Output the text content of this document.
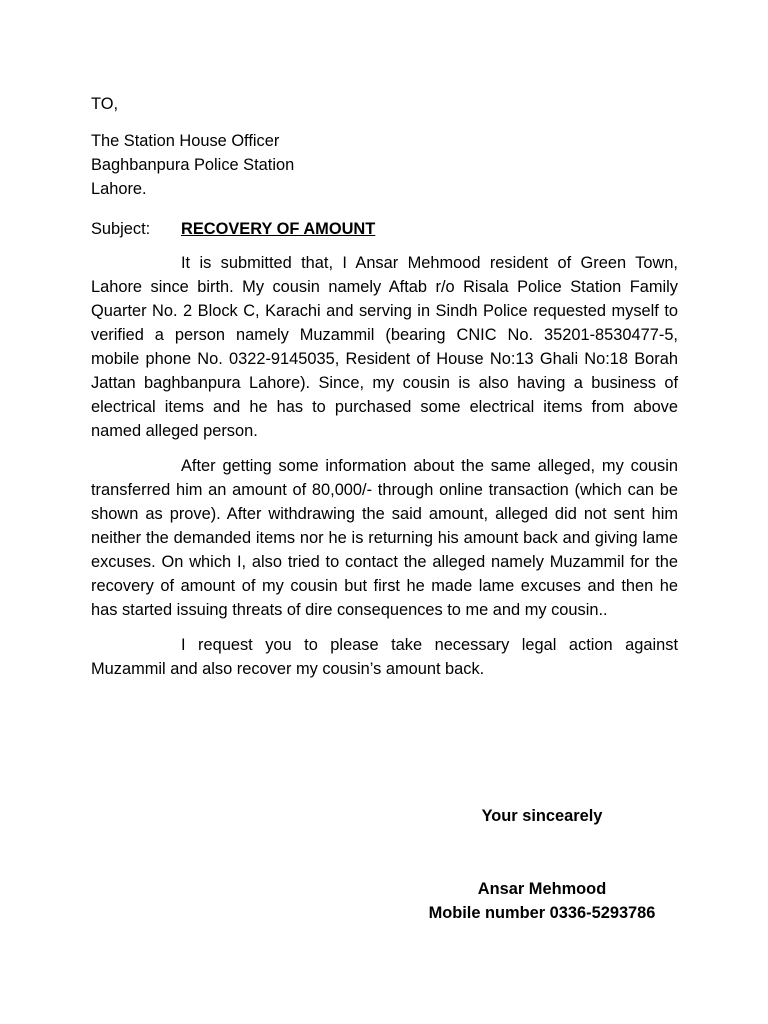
TO,
The Station House Officer
Baghbanpura Police Station
Lahore.
Subject: RECOVERY OF AMOUNT

It is submitted that, I Ansar Mehmood resident of Green Town, Lahore since birth. My cousin namely Aftab r/o Risala Police Station Family Quarter No. 2 Block C, Karachi and serving in Sindh Police requested myself to verified a person namely Muzammil (bearing CNIC No. 35201-8530477-5, mobile phone No. 0322-9145035, Resident of House No:13 Ghali No:18 Borah Jattan baghbanpura Lahore). Since, my cousin is also having a business of electrical items and he has to purchased some electrical items from above named alleged person.

After getting some information about the same alleged, my cousin transferred him an amount of 80,000/- through online transaction (which can be shown as prove). After withdrawing the said amount, alleged did not sent him neither the demanded items nor he is returning his amount back and giving lame excuses. On which I, also tried to contact the alleged namely Muzammil for the recovery of amount of my cousin but first he made lame excuses and then he has started issuing threats of dire consequences to me and my cousin..

I request you to please take necessary legal action against Muzammil and also recover my cousin’s amount back.

Your sincearely
Ansar Mehmood
Mobile number 0336-5293786
